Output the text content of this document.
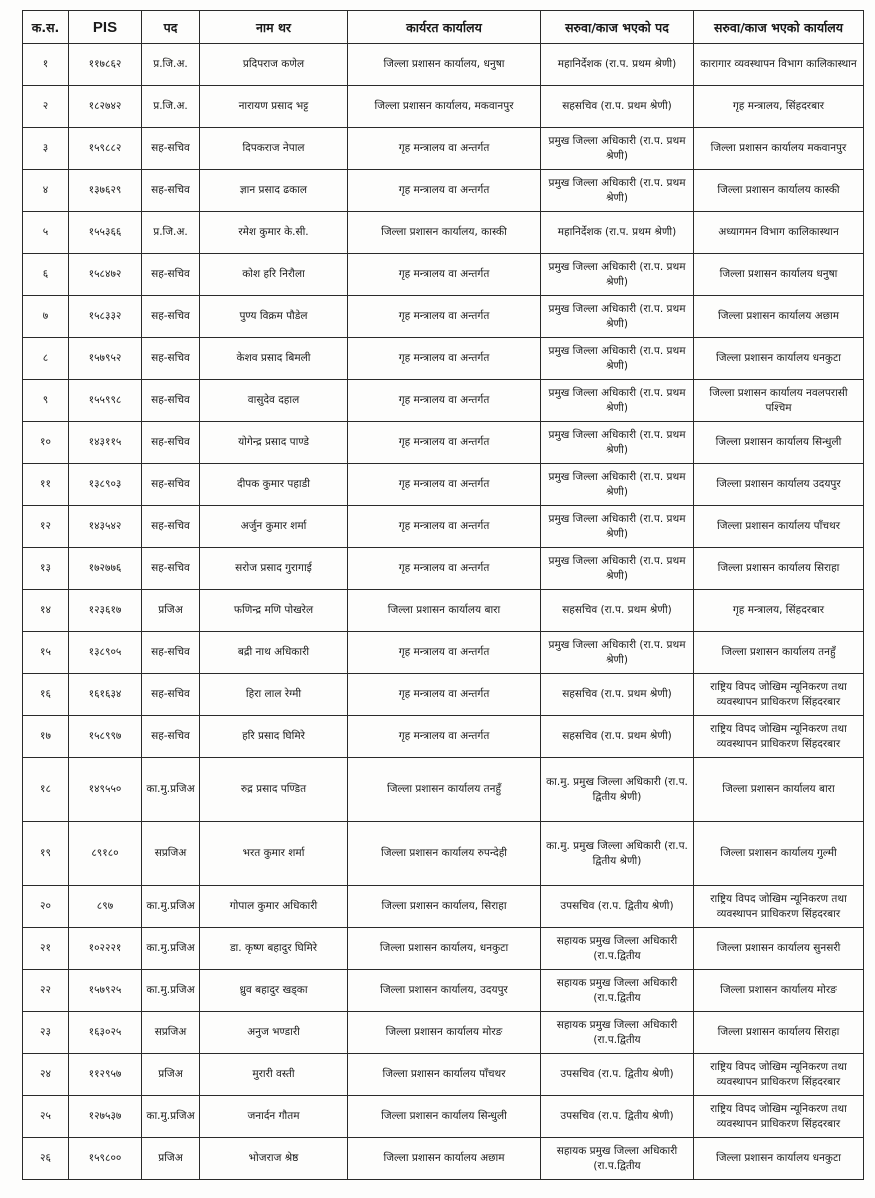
क.स.	PIS	पद	नाम थर	कार्यरत कार्यालय	सरुवा/काज भएको पद	सरुवा/काज भएको कार्यालय
१	११७८६२	प्र.जि.अ.	प्रदिपराज कणेल	जिल्ला प्रशासन कार्यालय, धनुषा	महानिर्देशक (रा.प. प्रथम श्रेणी)	कारागार व्यवस्थापन विभाग कालिकास्थान
२	१८२७४२	प्र.जि.अ.	नारायण प्रसाद भट्ट	जिल्ला प्रशासन कार्यालय, मकवानपुर	सहसचिव (रा.प. प्रथम श्रेणी)	गृह मन्त्रालय, सिंहदरबार
३	१५९८८२	सह-सचिव	दिपकराज नेपाल	गृह मन्त्रालय वा अन्तर्गत	प्रमुख जिल्ला अधिकारी (रा.प. प्रथम श्रेणी)	जिल्ला प्रशासन कार्यालय मकवानपुर
४	१३७६२९	सह-सचिव	ज्ञान प्रसाद ढकाल	गृह मन्त्रालय वा अन्तर्गत	प्रमुख जिल्ला अधिकारी (रा.प. प्रथम श्रेणी)	जिल्ला प्रशासन कार्यालय कास्की
५	१५५३६६	प्र.जि.अ.	रमेश कुमार के.सी.	जिल्ला प्रशासन कार्यालय, कास्की	महानिर्देशक (रा.प. प्रथम श्रेणी)	अध्यागमन विभाग कालिकास्थान
६	१५८४७२	सह-सचिव	कोश हरि निरौला	गृह मन्त्रालय वा अन्तर्गत	प्रमुख जिल्ला अधिकारी (रा.प. प्रथम श्रेणी)	जिल्ला प्रशासन कार्यालय धनुषा
७	१५८३३२	सह-सचिव	पुण्य विक्रम पौडेल	गृह मन्त्रालय वा अन्तर्गत	प्रमुख जिल्ला अधिकारी (रा.प. प्रथम श्रेणी)	जिल्ला प्रशासन कार्यालय अछाम
८	१५७९५२	सह-सचिव	केशव प्रसाद बिमली	गृह मन्त्रालय वा अन्तर्गत	प्रमुख जिल्ला अधिकारी (रा.प. प्रथम श्रेणी)	जिल्ला प्रशासन कार्यालय धनकुटा
९	१५५९९८	सह-सचिव	वासुदेव दहाल	गृह मन्त्रालय वा अन्तर्गत	प्रमुख जिल्ला अधिकारी (रा.प. प्रथम श्रेणी)	जिल्ला प्रशासन कार्यालय नवलपरासी पश्चिम
१०	१४३११५	सह-सचिव	योगेन्द्र प्रसाद पाण्डे	गृह मन्त्रालय वा अन्तर्गत	प्रमुख जिल्ला अधिकारी (रा.प. प्रथम श्रेणी)	जिल्ला प्रशासन कार्यालय सिन्धुली
११	१३८९०३	सह-सचिव	दीपक कुमार पहाडी	गृह मन्त्रालय वा अन्तर्गत	प्रमुख जिल्ला अधिकारी (रा.प. प्रथम श्रेणी)	जिल्ला प्रशासन कार्यालय उदयपुर
१२	१४३५४२	सह-सचिव	अर्जुन कुमार शर्मा	गृह मन्त्रालय वा अन्तर्गत	प्रमुख जिल्ला अधिकारी (रा.प. प्रथम श्रेणी)	जिल्ला प्रशासन कार्यालय पाँचथर
१३	१७२७७६	सह-सचिव	सरोज प्रसाद गुरागाई	गृह मन्त्रालय वा अन्तर्गत	प्रमुख जिल्ला अधिकारी (रा.प. प्रथम श्रेणी)	जिल्ला प्रशासन कार्यालय सिराहा
१४	१२३६१७	प्रजिअ	फणिन्द्र मणि पोखरेल	जिल्ला प्रशासन कार्यालय बारा	सहसचिव (रा.प. प्रथम श्रेणी)	गृह मन्त्रालय, सिंहदरबार
१५	१३८९०५	सह-सचिव	बद्री नाथ अधिकारी	गृह मन्त्रालय वा अन्तर्गत	प्रमुख जिल्ला अधिकारी (रा.प. प्रथम श्रेणी)	जिल्ला प्रशासन कार्यालय तनहुँ
१६	१६१६३४	सह-सचिव	हिरा लाल रेग्मी	गृह मन्त्रालय वा अन्तर्गत	सहसचिव (रा.प. प्रथम श्रेणी)	राष्ट्रिय विपद जोखिम न्यूनिकरण तथा व्यवस्थापन प्राधिकरण सिंहदरबार
१७	१५८९९७	सह-सचिव	हरि प्रसाद घिमिरे	गृह मन्त्रालय वा अन्तर्गत	सहसचिव (रा.प. प्रथम श्रेणी)	राष्ट्रिय विपद जोखिम न्यूनिकरण तथा व्यवस्थापन प्राधिकरण सिंहदरबार
१८	१४९५५०	का.मु.प्रजिअ	रुद्र प्रसाद पण्डित	जिल्ला प्रशासन कार्यालय तनहुँ	का.मु. प्रमुख जिल्ला अधिकारी (रा.प. द्वितीय श्रेणी)	जिल्ला प्रशासन कार्यालय बारा
१९	८९१८०	सप्रजिअ	भरत कुमार शर्मा	जिल्ला प्रशासन कार्यालय रुपन्देही	का.मु. प्रमुख जिल्ला अधिकारी (रा.प. द्वितीय श्रेणी)	जिल्ला प्रशासन कार्यालय गुल्मी
२०	८९७	का.मु.प्रजिअ	गोपाल कुमार अधिकारी	जिल्ला प्रशासन कार्यालय, सिराहा	उपसचिव (रा.प. द्वितीय श्रेणी)	राष्ट्रिय विपद जोखिम न्यूनिकरण तथा व्यवस्थापन प्राधिकरण सिंहदरबार
२१	१०२२२१	का.मु.प्रजिअ	डा. कृष्ण बहादुर घिमिरे	जिल्ला प्रशासन कार्यालय, धनकुटा	सहायक प्रमुख जिल्ला अधिकारी (रा.प.द्वितीय	जिल्ला प्रशासन कार्यालय सुनसरी
२२	१५७९२५	का.मु.प्रजिअ	ध्रुव बहादुर खड्का	जिल्ला प्रशासन कार्यालय, उदयपुर	सहायक प्रमुख जिल्ला अधिकारी (रा.प.द्वितीय	जिल्ला प्रशासन कार्यालय मोरङ
२३	१६३०२५	सप्रजिअ	अनुज भण्डारी	जिल्ला प्रशासन कार्यालय मोरङ	सहायक प्रमुख जिल्ला अधिकारी (रा.प.द्वितीय	जिल्ला प्रशासन कार्यालय सिराहा
२४	११२९५७	प्रजिअ	मुरारी वस्ती	जिल्ला प्रशासन कार्यालय पाँचथर	उपसचिव (रा.प. द्वितीय श्रेणी)	राष्ट्रिय विपद जोखिम न्यूनिकरण तथा व्यवस्थापन प्राधिकरण सिंहदरबार
२५	१२७५३७	का.मु.प्रजिअ	जनार्दन गौतम	जिल्ला प्रशासन कार्यालय सिन्धुली	उपसचिव (रा.प. द्वितीय श्रेणी)	राष्ट्रिय विपद जोखिम न्यूनिकरण तथा व्यवस्थापन प्राधिकरण सिंहदरबार
२६	१५९८००	प्रजिअ	भोजराज श्रेष्ठ	जिल्ला प्रशासन कार्यालय अछाम	सहायक प्रमुख जिल्ला अधिकारी (रा.प.द्वितीय	जिल्ला प्रशासन कार्यालय धनकुटा
